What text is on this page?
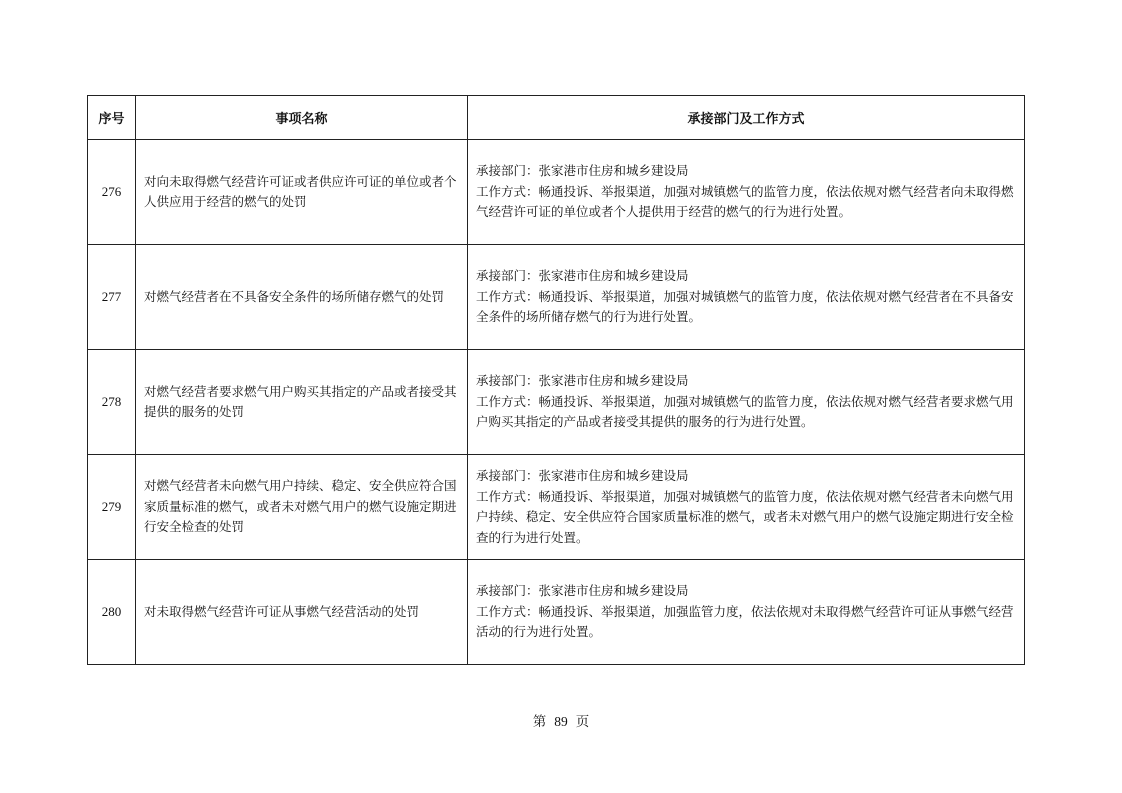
序号	事项名称	承接部门及工作方式
276	对向未取得燃气经营许可证或者供应许可证的单位或者个人供应用于经营的燃气的处罚	承接部门：张家港市住房和城乡建设局
工作方式：畅通投诉、举报渠道，加强对城镇燃气的监管力度，依法依规对燃气经营者向未取得燃气经营许可证的单位或者个人提供用于经营的燃气的行为进行处置。

277	对燃气经营者在不具备安全条件的场所储存燃气的处罚	承接部门：张家港市住房和城乡建设局
工作方式：畅通投诉、举报渠道，加强对城镇燃气的监管力度，依法依规对燃气经营者在不具备安全条件的场所储存燃气的行为进行处置。

278	对燃气经营者要求燃气用户购买其指定的产品或者接受其提供的服务的处罚	承接部门：张家港市住房和城乡建设局
工作方式：畅通投诉、举报渠道，加强对城镇燃气的监管力度，依法依规对燃气经营者要求燃气用户购买其指定的产品或者接受其提供的服务的行为进行处置。

279	对燃气经营者未向燃气用户持续、稳定、安全供应符合国家质量标准的燃气，或者未对燃气用户的燃气设施定期进行安全检查的处罚	承接部门：张家港市住房和城乡建设局
工作方式：畅通投诉、举报渠道，加强对城镇燃气的监管力度，依法依规对燃气经营者未向燃气用户持续、稳定、安全供应符合国家质量标准的燃气，或者未对燃气用户的燃气设施定期进行安全检查的行为进行处置。

280	对未取得燃气经营许可证从事燃气经营活动的处罚	承接部门：张家港市住房和城乡建设局
工作方式：畅通投诉、举报渠道，加强监管力度，依法依规对未取得燃气经营许可证从事燃气经营活动的行为进行处置。
第 89 页
